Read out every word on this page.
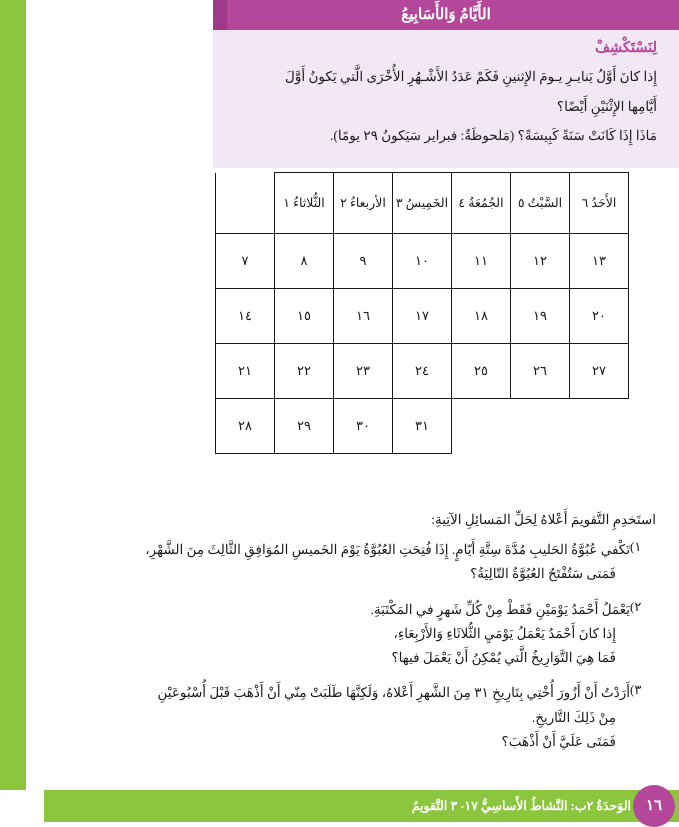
الأَيَّامُ وَالأَسَابِيعُ
لِنَسْتَكْشِفْ
إِذا كانَ أَوَّلُ يَنايـرِ يـومَ الإِثنينِ فَكَمْ عَدَدُ الأَشْـهُرِ الأُخْرَى الَّتي يَكونُ أَوَّلَ
أَيَّامِها الإِثْنَيْنِ أَيْضًا؟
مَاذَا إِذَا كَانَتْ سَنَةً كَبِيسَةً؟ (مَلحوظَةٌ: فبراير سَيَكونُ ٢٩ يومًا).
الأَحَدُ ٦	السَّبْتُ ٥	الجُمُعَةُ ٤	الخَمِيسُ ٣	الأربعاءُ ٢	الثُّلاثاءُ ١	
١٣	١٢	١١	١٠	٩	٨	٧
٢٠	١٩	١٨	١٧	١٦	١٥	١٤
٢٧	٢٦	٢٥	٢٤	٢٣	٢٢	٢١
			٣١	٣٠	٢٩	٢٨
استَخدِمِ التَّقويمَ أَعْلاهُ لِحَلِّ المَسائِلِ الآتِيةِ:
١)
تَكْفي عُبُوَّةُ الحَليبِ مُدَّةَ سِتَّةِ أَيّامٍ. إِذَا فُتِحَتِ العُبُوَّةُ يَوْمَ الخَميسِ المُوَافِقِ الثَّالِثَ مِنَ الشَّهْرِ،
فَمَتى سَتُفْتَحُ العُبُوَّةُ التّالِيَةُ؟
٢)
يَعْمَلُ أَحْمَدُ يَوْمَيْنِ فَقَطْ مِنْ كُلِّ شَهرٍ في المَكْتَبَةِ.
إِذا كانَ أَحْمَدُ يَعْمَلُ يَوْمَيِ الثُّلاثَاءِ وَالأَرْبِعَاءِ،
فَمَا هِيَ التَّوَارِيخُ الَّتي يُمْكِنُ أَنْ يَعْمَلَ فيها؟
٣)
أَرَدْتُ أَنْ أَزُورَ أُخْتِي بِتَارِيخِ ٣١ مِنَ الشَّهرِ أَعْلاهُ، وَلَكِنَّهَا طَلَبَتْ مِنّي أَنْ أَذْهَبَ قَبْلَ أُسْبُوعَيْنِ
مِنْ ذَلِكَ التَّاريخِ.
فَمَتَى عَلَيَّ أَنْ أَذْهَبَ؟
الوَحدَةُ ٢ب: النَّشاطُ الأَساسِيُّ ١٧- ٣ التَّقويمُ ١٦
